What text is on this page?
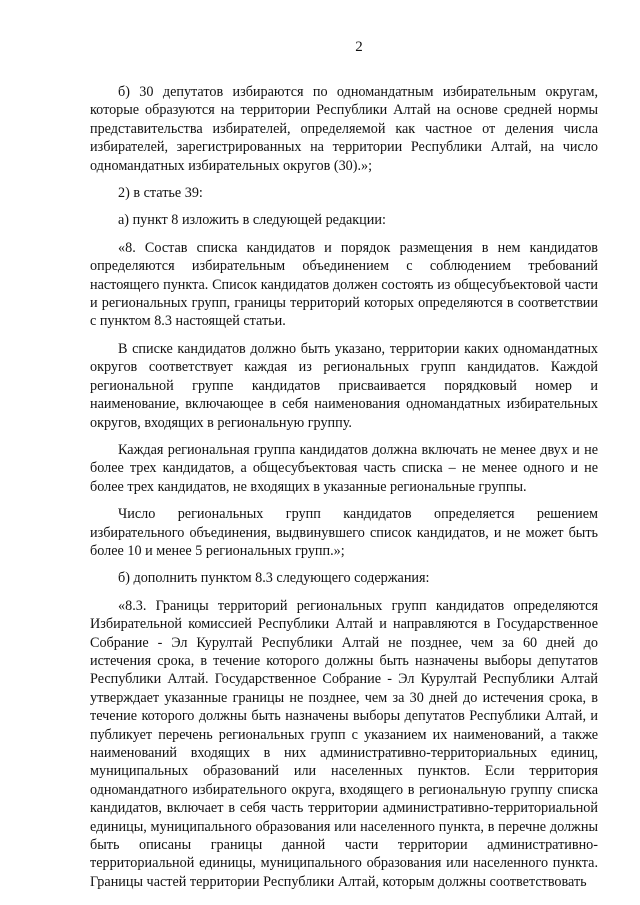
2

б) 30 депутатов избираются по одномандатным избирательным округам, которые образуются на территории Республики Алтай на основе средней нормы представительства избирателей, определяемой как частное от деления числа избирателей, зарегистрированных на территории Республики Алтай, на число одномандатных избирательных округов (30).»;

2) в статье 39:

а) пункт 8 изложить в следующей редакции:

«8. Состав списка кандидатов и порядок размещения в нем кандидатов определяются избирательным объединением с соблюдением требований настоящего пункта. Список кандидатов должен состоять из общесубъектовой части и региональных групп, границы территорий которых определяются в соответствии с пунктом 8.3 настоящей статьи.

В списке кандидатов должно быть указано, территории каких одномандатных округов соответствует каждая из региональных групп кандидатов. Каждой региональной группе кандидатов присваивается порядковый номер и наименование, включающее в себя наименования одномандатных избирательных округов, входящих в региональную группу.

Каждая региональная группа кандидатов должна включать не менее двух и не более трех кандидатов, а общесубъектовая часть списка – не менее одного и не более трех кандидатов, не входящих в указанные региональные группы.

Число региональных групп кандидатов определяется решением избирательного объединения, выдвинувшего список кандидатов, и не может быть более 10 и менее 5 региональных групп.»;

б) дополнить пунктом 8.3 следующего содержания:

«8.3. Границы территорий региональных групп кандидатов определяются Избирательной комиссией Республики Алтай и направляются в Государственное Собрание - Эл Курултай Республики Алтай не позднее, чем за 60 дней до истечения срока, в течение которого должны быть назначены выборы депутатов Республики Алтай. Государственное Собрание - Эл Курултай Республики Алтай утверждает указанные границы не позднее, чем за 30 дней до истечения срока, в течение которого должны быть назначены выборы депутатов Республики Алтай, и публикует перечень региональных групп с указанием их наименований, а также наименований входящих в них административно-территориальных единиц, муниципальных образований или населенных пунктов. Если территория одномандатного избирательного округа, входящего в региональную группу списка кандидатов, включает в себя часть территории административно-территориальной единицы, муниципального образования или населенного пункта, в перечне должны быть описаны границы данной части территории административно-территориальной единицы, муниципального образования или населенного пункта. Границы частей территории Республики Алтай, которым должны соответствовать
